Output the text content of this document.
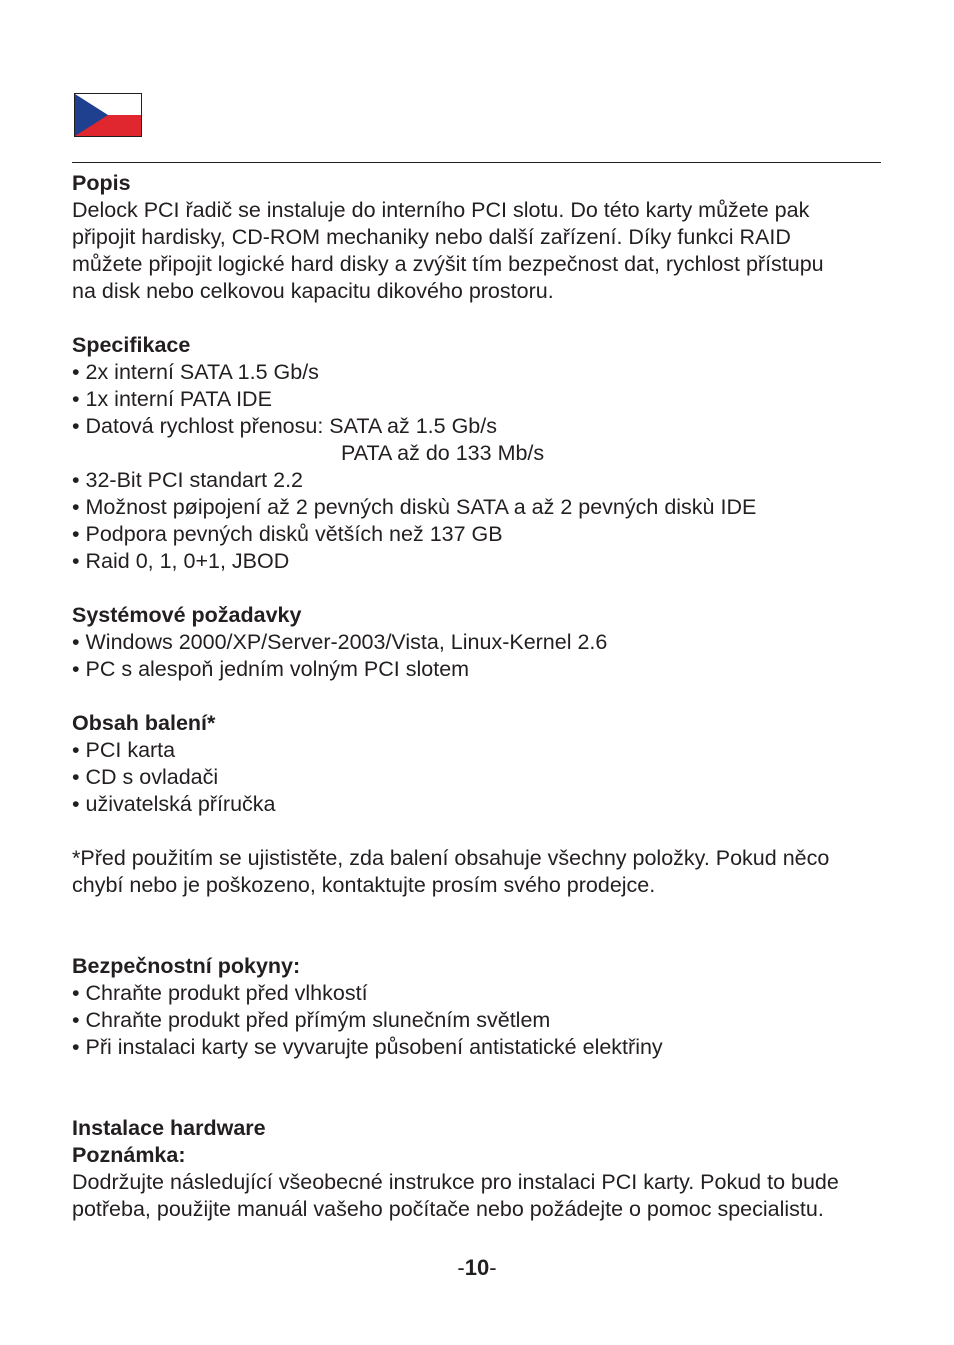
Popis
Delock PCI řadič se instaluje do interního PCI slotu. Do této karty můžete pak
připojit hardisky, CD-ROM mechaniky nebo další zařízení. Díky funkci RAID
můžete připojit logické hard disky a zvýšit tím bezpečnost dat, rychlost přístupu
na disk nebo celkovou kapacitu dikového prostoru.
Specifikace
• 2x interní SATA 1.5 Gb/s
• 1x interní PATA IDE
• Datová rychlost přenosu: SATA až 1.5 Gb/s
PATA až do 133 Mb/s
• 32-Bit PCI standart 2.2
• Možnost pøipojení až 2 pevných diskù SATA a až 2 pevných diskù IDE
• Podpora pevných disků větších než 137 GB
• Raid 0, 1, 0+1, JBOD
Systémové požadavky
• Windows 2000/XP/Server-2003/Vista, Linux-Kernel 2.6
• PC s alespoň jedním volným PCI slotem
Obsah balení*
• PCI karta
• CD s ovladači
• uživatelská příručka
*Před použitím se ujististěte, zda balení obsahuje všechny položky. Pokud něco
chybí nebo je poškozeno, kontaktujte prosím svého prodejce.
Bezpečnostní pokyny:
• Chraňte produkt před vlhkostí
• Chraňte produkt před přímým slunečním světlem
• Při instalaci karty se vyvarujte působení antistatické elektřiny
Instalace hardware
Poznámka:
Dodržujte následující všeobecné instrukce pro instalaci PCI karty. Pokud to bude
potřeba, použijte manuál vašeho počítače nebo požádejte o pomoc specialistu.
-10-
